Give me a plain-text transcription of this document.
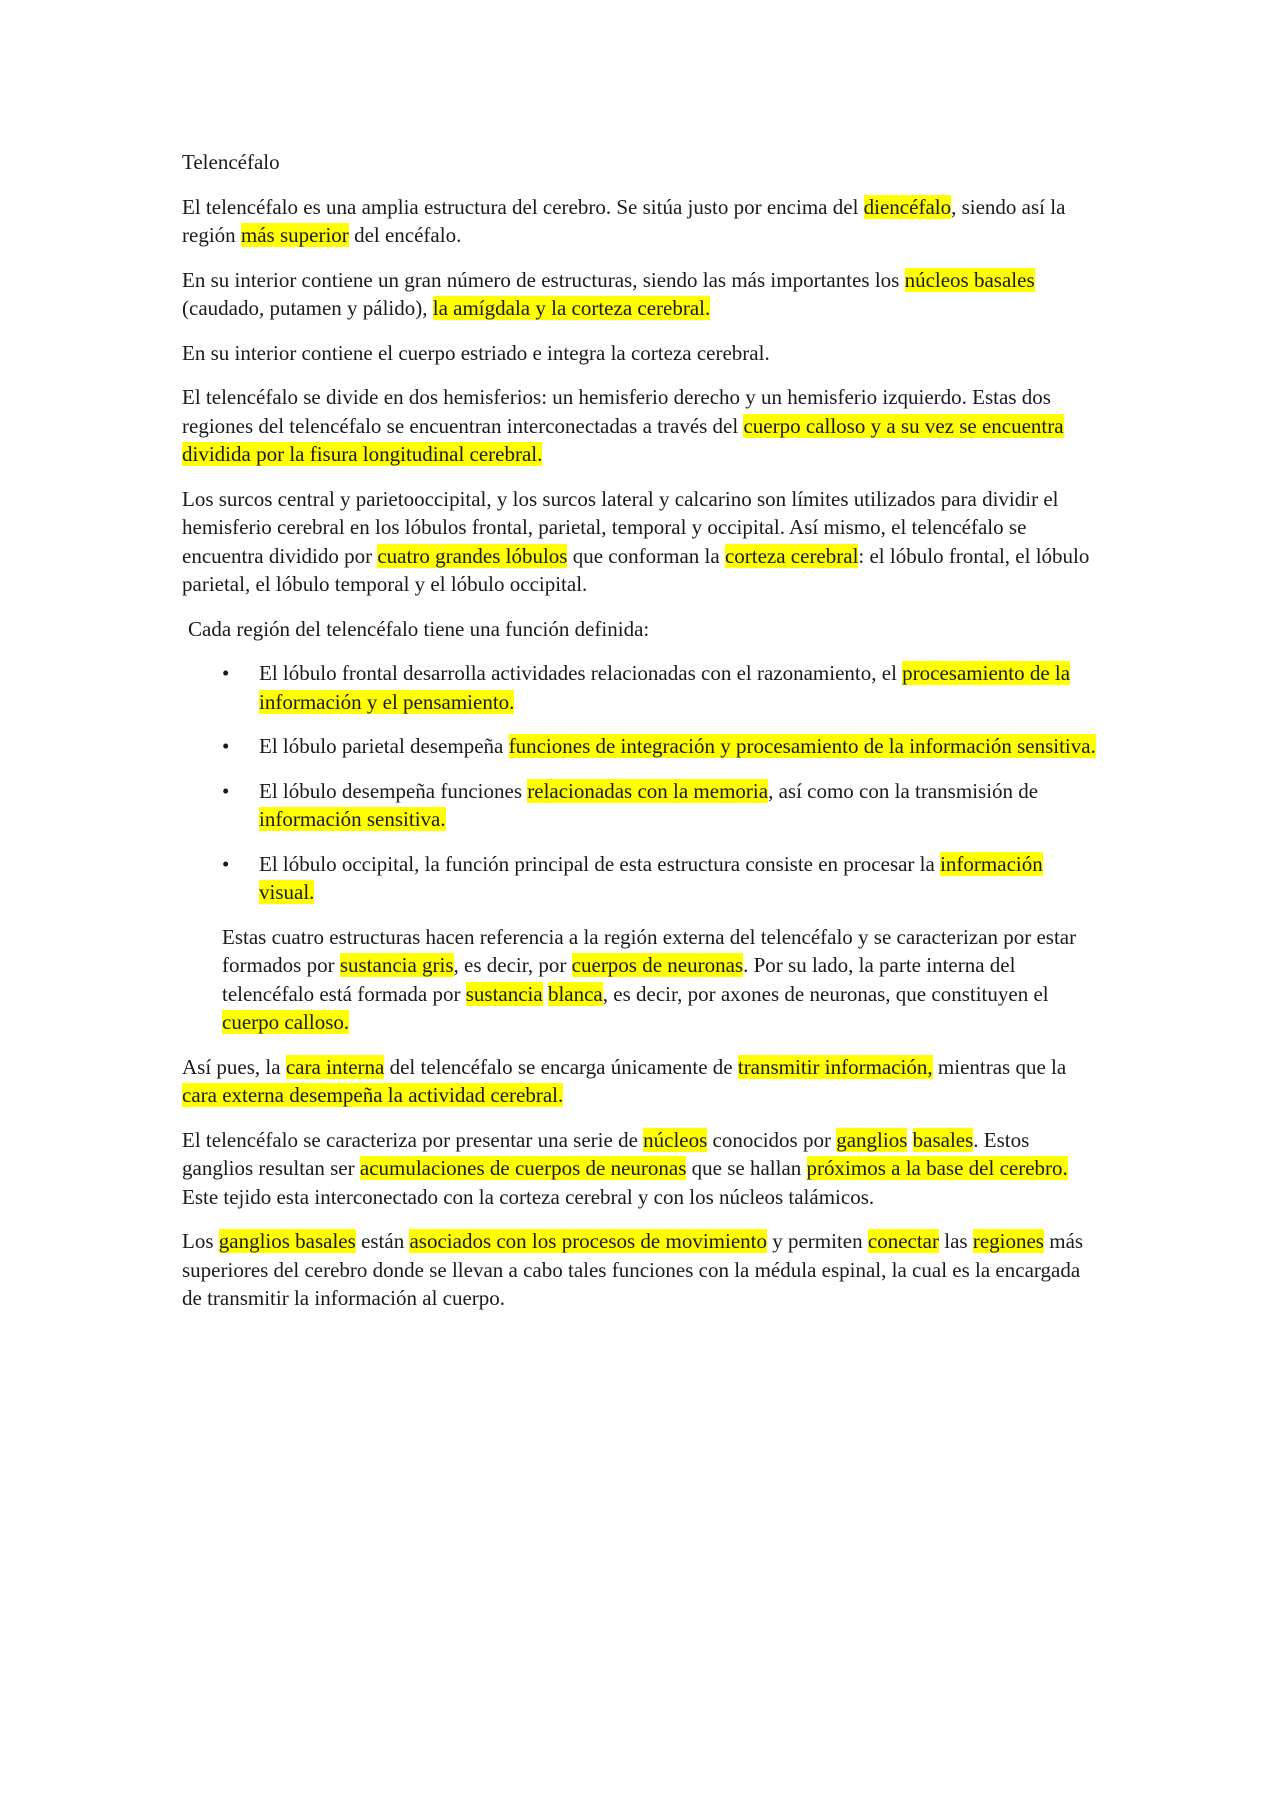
Telencéfalo

El telencéfalo es una amplia estructura del cerebro. Se sitúa justo por encima del diencéfalo, siendo así la región más superior del encéfalo.

En su interior contiene un gran número de estructuras, siendo las más importantes los núcleos basales (caudado, putamen y pálido), la amígdala y la corteza cerebral.

En su interior contiene el cuerpo estriado e integra la corteza cerebral.

El telencéfalo se divide en dos hemisferios: un hemisferio derecho y un hemisferio izquierdo. Estas dos regiones del telencéfalo se encuentran interconectadas a través del cuerpo calloso y a su vez se encuentra dividida por la fisura longitudinal cerebral.

Los surcos central y parietooccipital, y los surcos lateral y calcarino son límites utilizados para dividir el hemisferio cerebral en los lóbulos frontal, parietal, temporal y occipital. Así mismo, el telencéfalo se encuentra dividido por cuatro grandes lóbulos que conforman la corteza cerebral: el lóbulo frontal, el lóbulo parietal, el lóbulo temporal y el lóbulo occipital.

Cada región del telencéfalo tiene una función definida:

• El lóbulo frontal desarrolla actividades relacionadas con el razonamiento, el procesamiento de la información y el pensamiento.
• El lóbulo parietal desempeña funciones de integración y procesamiento de la información sensitiva.
• El lóbulo desempeña funciones relacionadas con la memoria, así como con la transmisión de información sensitiva.
• El lóbulo occipital, la función principal de esta estructura consiste en procesar la información visual.

Estas cuatro estructuras hacen referencia a la región externa del telencéfalo y se caracterizan por estar formados por sustancia gris, es decir, por cuerpos de neuronas. Por su lado, la parte interna del telencéfalo está formada por sustancia blanca, es decir, por axones de neuronas, que constituyen el cuerpo calloso.

Así pues, la cara interna del telencéfalo se encarga únicamente de transmitir información, mientras que la cara externa desempeña la actividad cerebral.

El telencéfalo se caracteriza por presentar una serie de núcleos conocidos por ganglios basales. Estos ganglios resultan ser acumulaciones de cuerpos de neuronas que se hallan próximos a la base del cerebro. Este tejido esta interconectado con la corteza cerebral y con los núcleos talámicos.

Los ganglios basales están asociados con los procesos de movimiento y permiten conectar las regiones más superiores del cerebro donde se llevan a cabo tales funciones con la médula espinal, la cual es la encargada de transmitir la información al cuerpo.
